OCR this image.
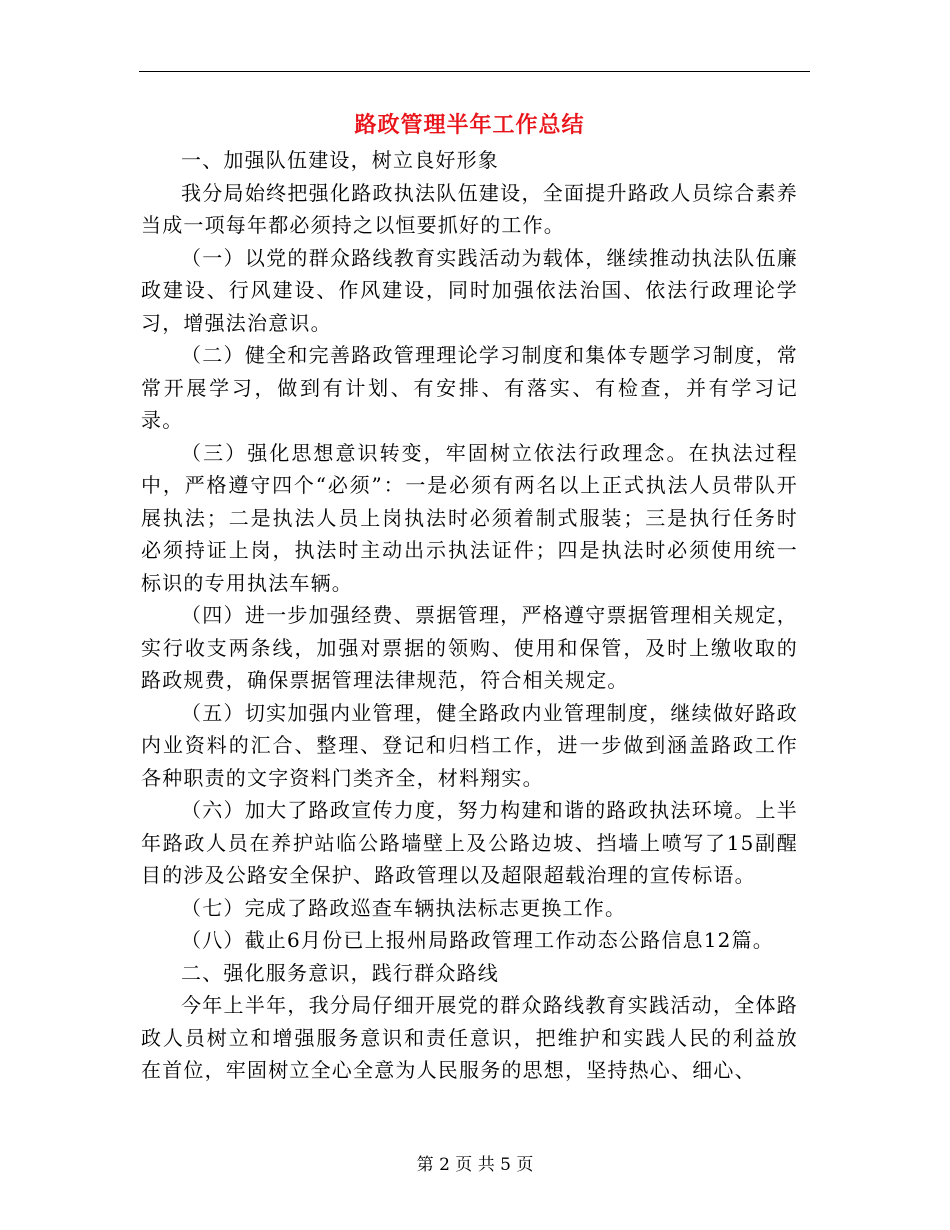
路政管理半年工作总结

一、加强队伍建设，树立良好形象

我分局始终把强化路政执法队伍建设，全面提升路政人员综合素养当成一项每年都必须持之以恒要抓好的工作。

（一）以党的群众路线教育实践活动为载体，继续推动执法队伍廉政建设、行风建设、作风建设，同时加强依法治国、依法行政理论学习，增强法治意识。

（二）健全和完善路政管理理论学习制度和集体专题学习制度，常常开展学习，做到有计划、有安排、有落实、有检查，并有学习记录。

（三）强化思想意识转变，牢固树立依法行政理念。在执法过程中，严格遵守四个“必须”：一是必须有两名以上正式执法人员带队开展执法；二是执法人员上岗执法时必须着制式服装；三是执行任务时必须持证上岗，执法时主动出示执法证件；四是执法时必须使用统一标识的专用执法车辆。

（四）进一步加强经费、票据管理，严格遵守票据管理相关规定，实行收支两条线，加强对票据的领购、使用和保管，及时上缴收取的路政规费，确保票据管理法律规范，符合相关规定。

（五）切实加强内业管理，健全路政内业管理制度，继续做好路政内业资料的汇合、整理、登记和归档工作，进一步做到涵盖路政工作各种职责的文字资料门类齐全，材料翔实。

（六）加大了路政宣传力度，努力构建和谐的路政执法环境。上半年路政人员在养护站临公路墙壁上及公路边坡、挡墙上喷写了15副醒目的涉及公路安全保护、路政管理以及超限超载治理的宣传标语。

（七）完成了路政巡查车辆执法标志更换工作。

（八）截止6月份已上报州局路政管理工作动态公路信息12篇。

二、强化服务意识，践行群众路线

今年上半年，我分局仔细开展党的群众路线教育实践活动，全体路政人员树立和增强服务意识和责任意识，把维护和实践人民的利益放在首位，牢固树立全心全意为人民服务的思想，坚持热心、细心、

第 2 页 共 5 页
